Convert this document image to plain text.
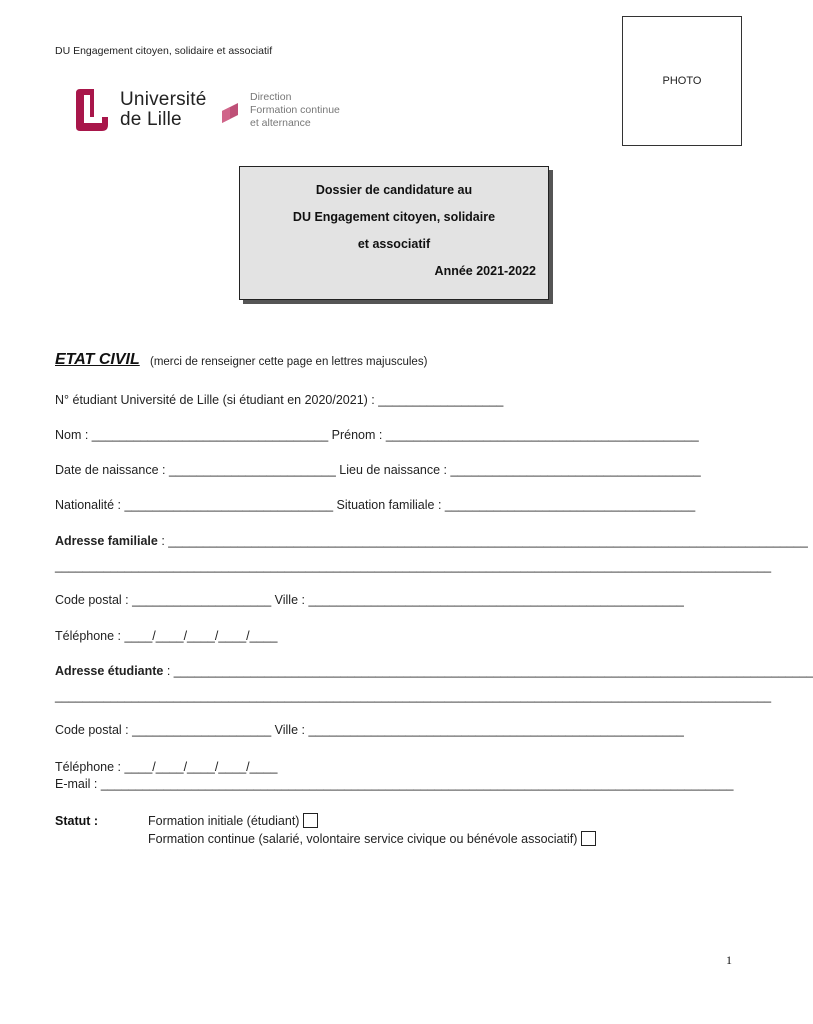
DU Engagement citoyen, solidaire et associatif
PHOTO
Université
de Lille
Direction
Formation continue
et alternance
Dossier de candidature au
DU Engagement citoyen, solidaire
et associatif
Année 2021-2022
ETAT CIVIL (merci de renseigner cette page en lettres majuscules)
N° étudiant Université de Lille (si étudiant en 2020/2021) : __________________
Nom : __________________________________ Prénom : _____________________________________________
Date de naissance : ________________________ Lieu de naissance : ____________________________________
Nationalité : ______________________________ Situation familiale : ____________________________________
Adresse familiale : ____________________________________________________________________________________________
_______________________________________________________________________________________________________
Code postal : ____________________ Ville : ______________________________________________________
Téléphone : ____/____/____/____/____
Adresse étudiante : ____________________________________________________________________________________________
_______________________________________________________________________________________________________
Code postal : ____________________ Ville : ______________________________________________________
Téléphone : ____/____/____/____/____
E-mail : ___________________________________________________________________________________________
Statut :	Formation initiale (étudiant)
Formation continue (salarié, volontaire service civique ou bénévole associatif)
1
